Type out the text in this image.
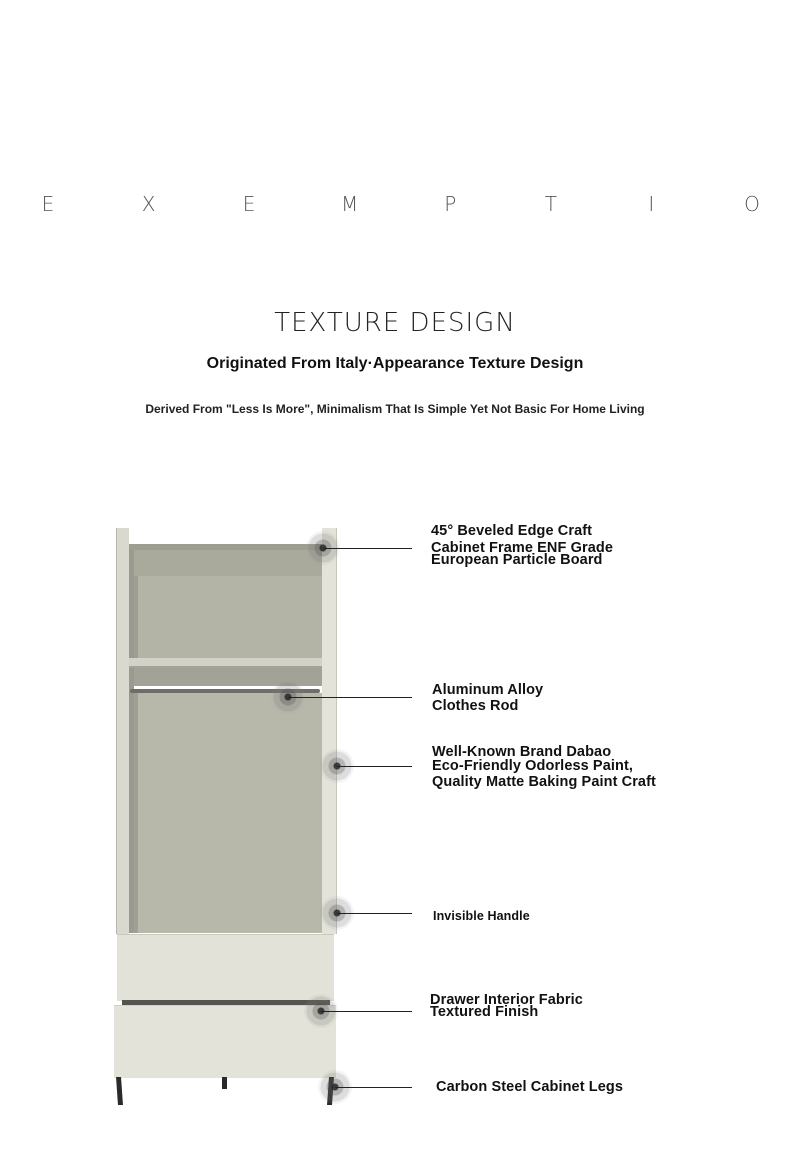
E	X	E	M	P	T	I	O
TEXTURE DESIGN
Originated From Italy·Appearance Texture Design
Derived From "Less Is More", Minimalism That Is Simple Yet Not Basic For Home Living
45° Beveled Edge Craft
Cabinet Frame ENF Grade
European Particle Board
Aluminum Alloy
Clothes Rod
Well-Known Brand Dabao
Eco-Friendly Odorless Paint,
Quality Matte Baking Paint Craft
Invisible Handle
Drawer Interior Fabric
Textured Finish
Carbon Steel Cabinet Legs
